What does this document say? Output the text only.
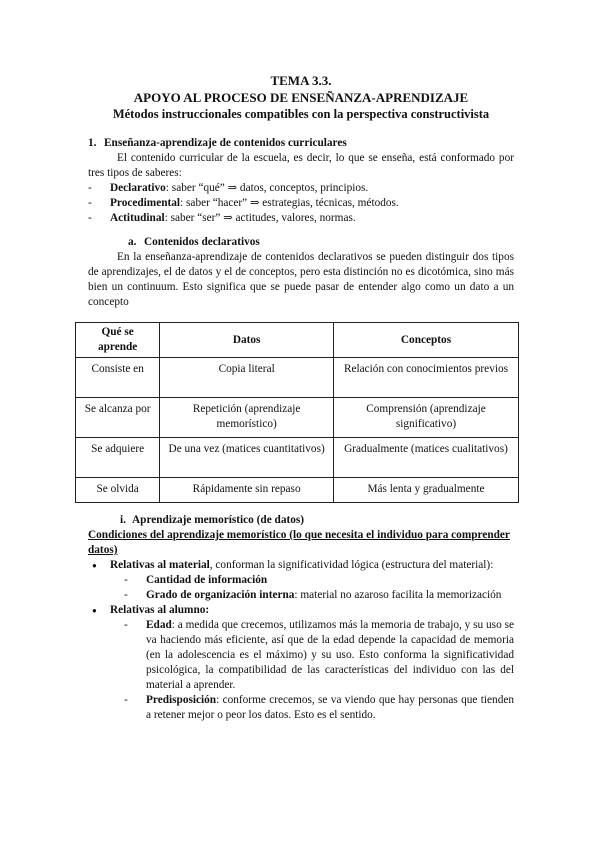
TEMA 3.3.
APOYO AL PROCESO DE ENSEÑANZA-APRENDIZAJE
Métodos instruccionales compatibles con la perspectiva constructivista
1. Enseñanza-aprendizaje de contenidos curriculares

El contenido curricular de la escuela, es decir, lo que se enseña, está conformado por tres tipos de saberes:

- Declarativo: saber “qué” ⇒ datos, conceptos, principios.
- Procedimental: saber “hacer” ⇒ estrategias, técnicas, métodos.
- Actitudinal: saber “ser” ⇒ actitudes, valores, normas.
a. Contenidos declarativos

En la enseñanza-aprendizaje de contenidos declarativos se pueden distinguir dos tipos de aprendizajes, el de datos y el de conceptos, pero esta distinción no es dicotómica, sino más bien un continuum. Esto significa que se puede pasar de entender algo como un dato a un concepto

Qué se aprende	Datos	Conceptos
Consiste en	Copia literal	Relación con conocimientos previos
Se alcanza por	Repetición (aprendizaje memorístico)	Comprensión (aprendizaje significativo)
Se adquiere	De una vez (matices cuantitativos)	Gradualmente (matices cualitativos)
Se olvida	Rápidamente sin repaso	Más lenta y gradualmente
i. Aprendizaje memorístico (de datos)

Condiciones del aprendizaje memorístico (lo que necesita el individuo para comprender datos)

● Relativas al material, conforman la significatividad lógica (estructura del material):
- Cantidad de información
- Grado de organización interna: material no azaroso facilita la memorización
● Relativas al alumno:
- Edad: a medida que crecemos, utilizamos más la memoria de trabajo, y su uso se va haciendo más eficiente, así que de la edad depende la capacidad de memoria (en la adolescencia es el máximo) y su uso. Esto conforma la significatividad psicológica, la compatibilidad de las características del individuo con las del material a aprender.
- Predisposición: conforme crecemos, se va viendo que hay personas que tienden a retener mejor o peor los datos. Esto es el sentido.
